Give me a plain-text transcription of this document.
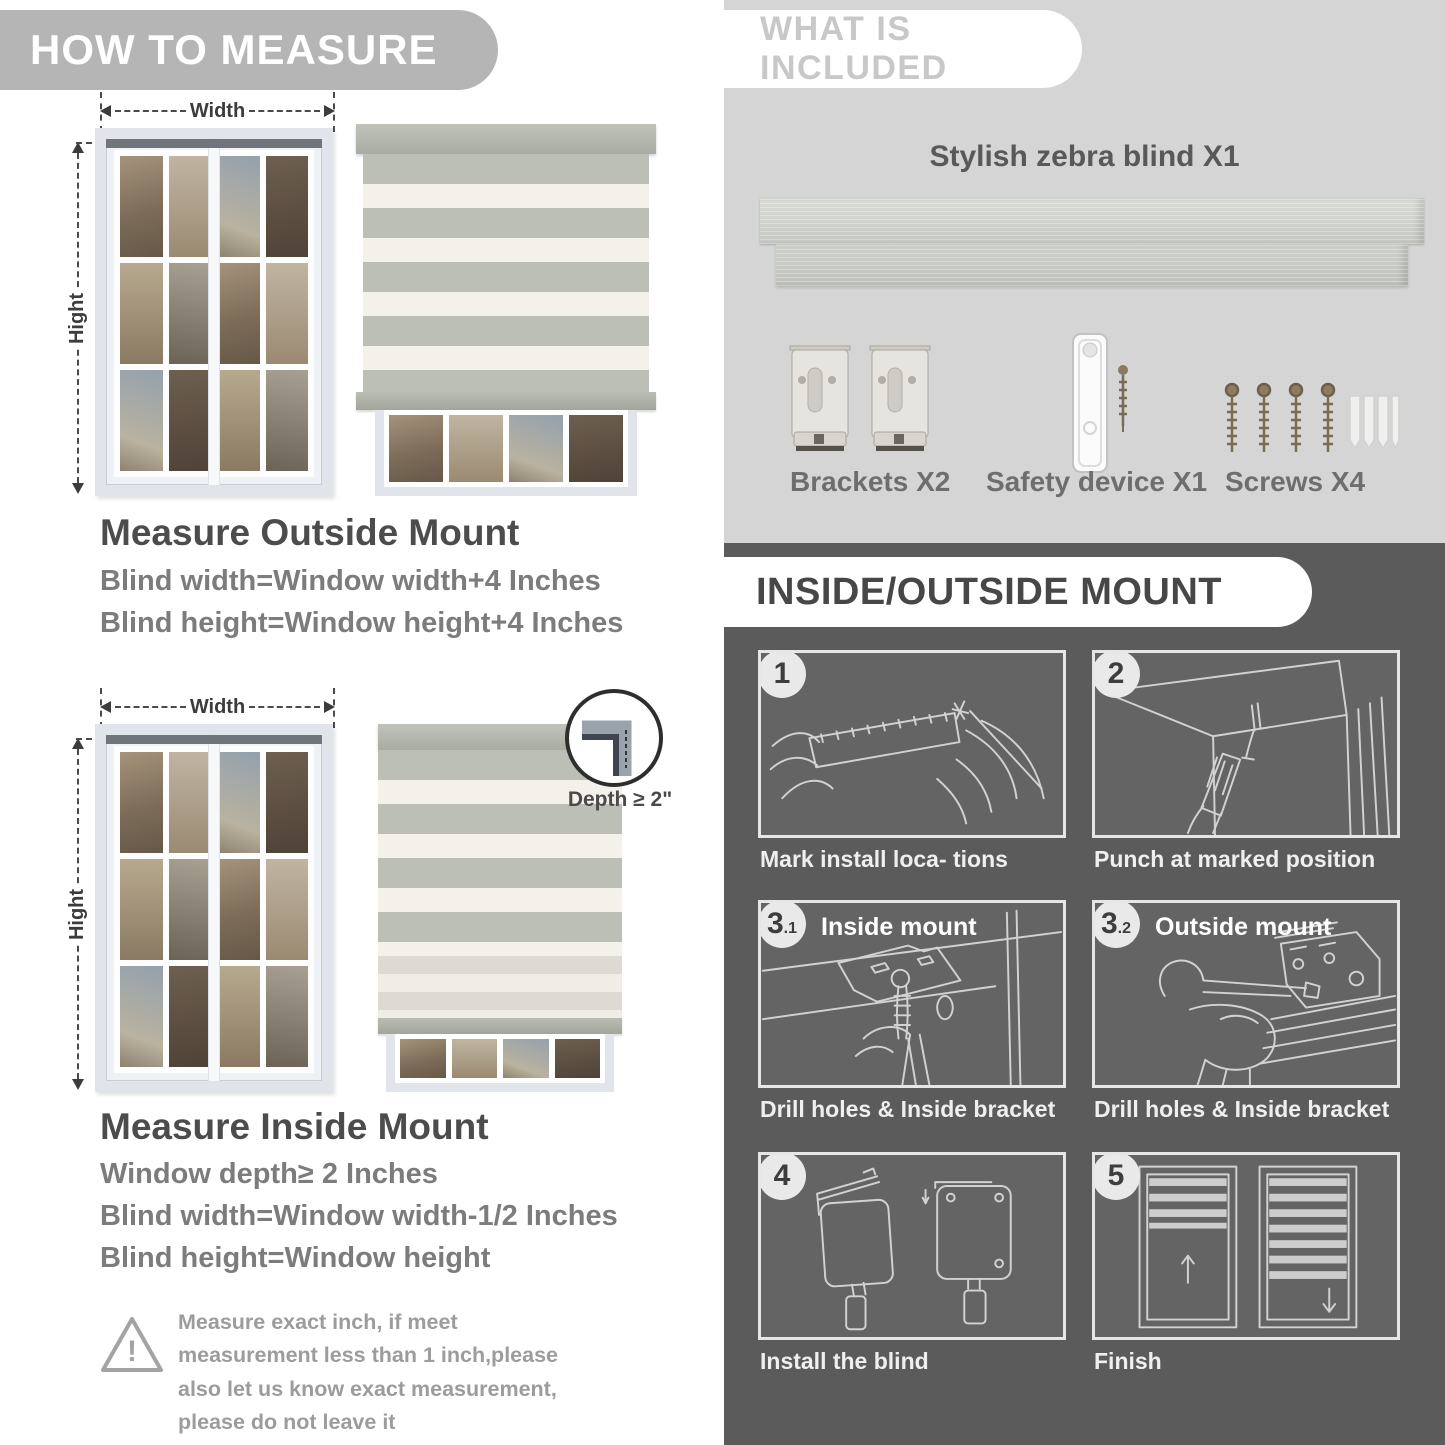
HOW TO MEASURE
Width
Hight
Measure Outside Mount
Blind width=Window width+4 Inches
Blind height=Window height+4 Inches
Width
Hight
Depth ≥ 2"
Measure Inside Mount
Window depth≥ 2 Inches
Blind width=Window width-1/2 Inches
Blind height=Window height
!
Measure exact inch, if meet measurement less than 1 inch,please also let us know exact measurement, please do not leave it
WHAT IS INCLUDED
Stylish zebra blind X1
Brackets X2	Safety device X1 Screws X4
INSIDE/OUTSIDE MOUNT
1
Mark install loca- tions
2
Punch at marked position
3 .1 Inside mount
Drill holes & Inside bracket
3 .2 Outside mount
Drill holes & Inside bracket
4
Install the blind
5
Finish
